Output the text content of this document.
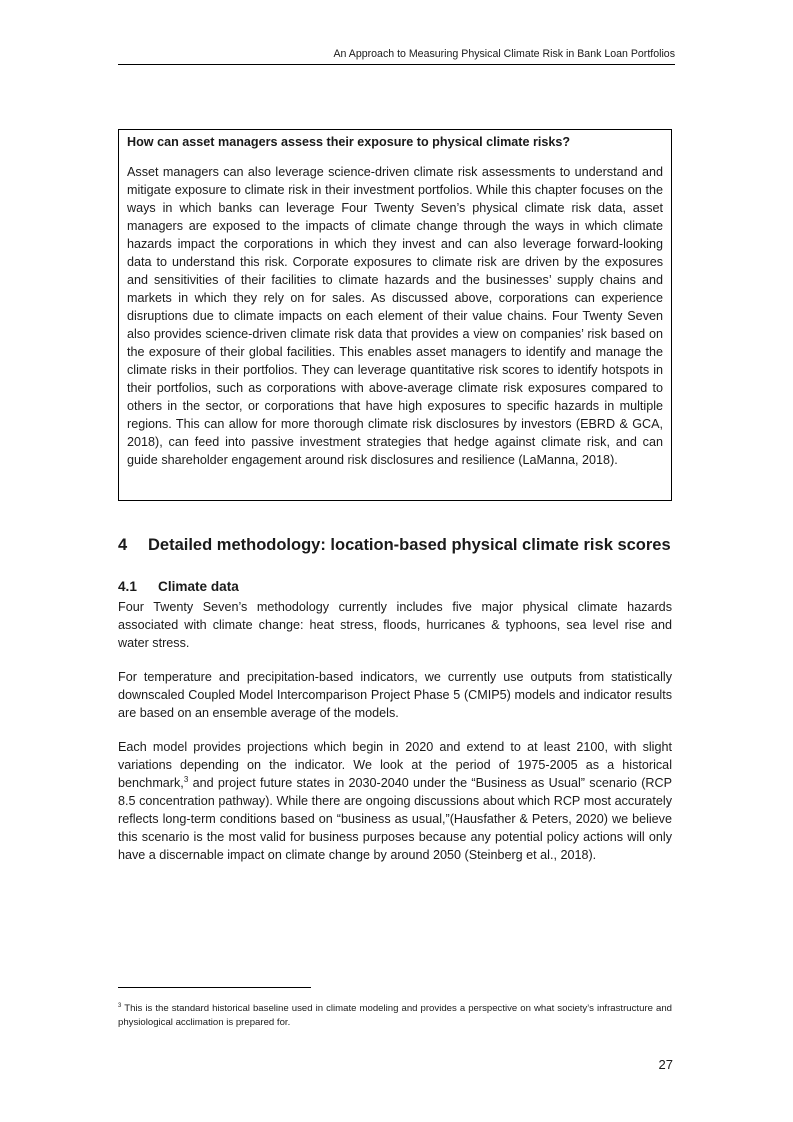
An Approach to Measuring Physical Climate Risk in Bank Loan Portfolios

How can asset managers assess their exposure to physical climate risks?

Asset managers can also leverage science-driven climate risk assessments to understand and mitigate exposure to climate risk in their investment portfolios. While this chapter focuses on the ways in which banks can leverage Four Twenty Seven’s physical climate risk data, asset managers are exposed to the impacts of climate change through the ways in which climate hazards impact the corporations in which they invest and can also leverage forward-looking data to understand this risk. Corporate exposures to climate risk are driven by the exposures and sensitivities of their facilities to climate hazards and the businesses’ supply chains and markets in which they rely on for sales. As discussed above, corporations can experience disruptions due to climate impacts on each element of their value chains. Four Twenty Seven also provides science-driven climate risk data that provides a view on companies’ risk based on the exposure of their global facilities. This enables asset managers to identify and manage the climate risks in their portfolios. They can leverage quantitative risk scores to identify hotspots in their portfolios, such as corporations with above-average climate risk exposures compared to others in the sector, or corporations that have high exposures to specific hazards in multiple regions. This can allow for more thorough climate risk disclosures by investors (EBRD & GCA, 2018), can feed into passive investment strategies that hedge against climate risk, and can guide shareholder engagement around risk disclosures and resilience (LaManna, 2018).

4 Detailed methodology: location-based physical climate risk scores
4.1 Climate data

Four Twenty Seven’s methodology currently includes five major physical climate hazards associated with climate change: heat stress, floods, hurricanes & typhoons, sea level rise and water stress.

For temperature and precipitation-based indicators, we currently use outputs from statistically downscaled Coupled Model Intercomparison Project Phase 5 (CMIP5) models and indicator results are based on an ensemble average of the models.

Each model provides projections which begin in 2020 and extend to at least 2100, with slight variations depending on the indicator. We look at the period of 1975-2005 as a historical benchmark,$^3$ and project future states in 2030-2040 under the “Business as Usual” scenario (RCP 8.5 concentration pathway). While there are ongoing discussions about which RCP most accurately reflects long-term conditions based on “business as usual,”(Hausfather & Peters, 2020) we believe this scenario is the most valid for business purposes because any potential policy actions will only have a discernable impact on climate change by around 2050 (Steinberg et al., 2018).

$^3$ This is the standard historical baseline used in climate modeling and provides a perspective on what society’s infrastructure and physiological acclimation is prepared for.

27
